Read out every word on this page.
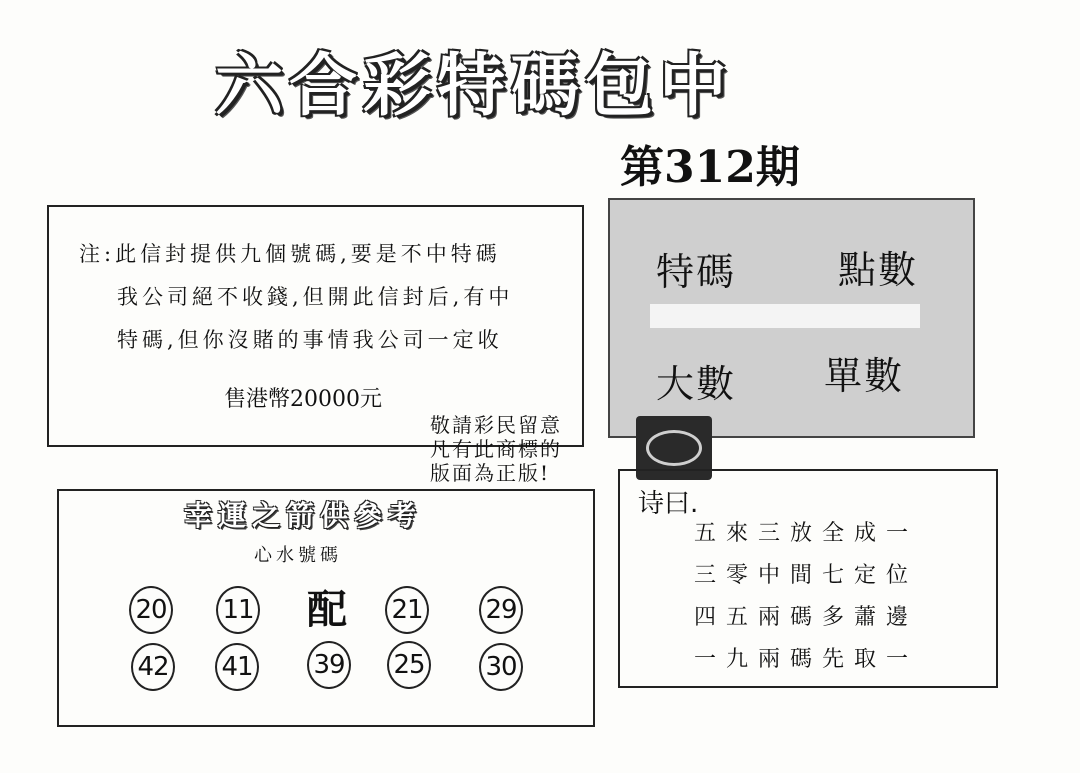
六合彩特碼包中
第312期
注:此信封提供九個號碼,要是不中特碼
我公司絕不收錢,但開此信封后,有中
特碼,但你沒賭的事情我公司一定收
售港幣20000元
特碼	點數
大數 單數
敬請彩民留意
凡有此商標的
版面為正版!
幸運之箭供參考
心水號碼
20 11 配 21 29
42 41 39 25 30
诗曰.
五來三放全成一
三零中間七定位
四五兩碼多蕭邊
一九兩碼先取一
